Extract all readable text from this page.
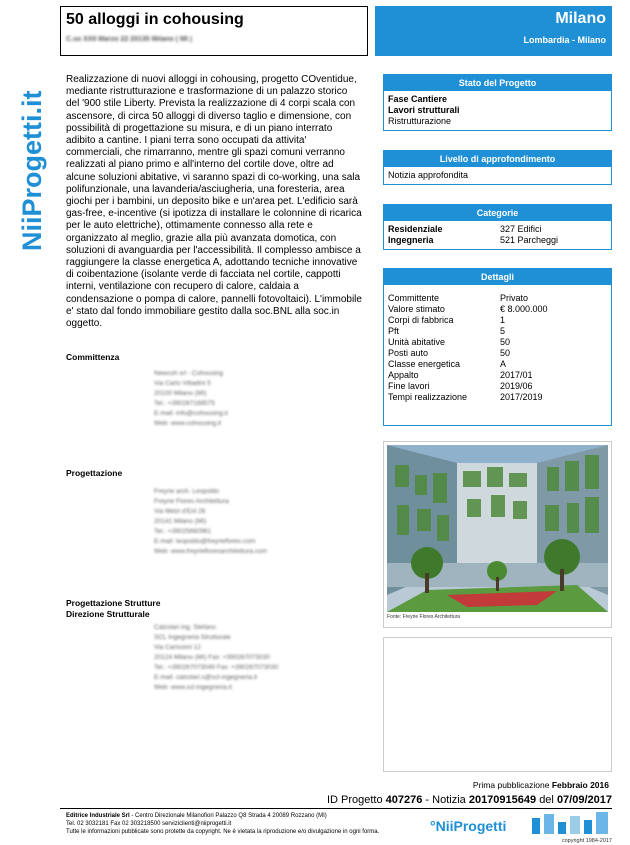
NiiProgetti.it
50 alloggi in cohousing
C.so XXII Marzo 22 20135 Milano ( MI )
Milano
Lombardia - Milano
Realizzazione di nuovi alloggi in cohousing, progetto COventidue, mediante ristrutturazione e trasformazione di un palazzo storico del '900 stile Liberty. Prevista la realizzazione di 4 corpi scala con ascensore, di circa 50 alloggi di diverso taglio e dimensione, con possibilità di progettazione su misura, e di un piano interrato adibito a cantine. I piani terra sono occupati da attivita' commerciali, che rimarranno, mentre gli spazi comuni verranno realizzati al piano primo e all'interno del cortile dove, oltre ad alcune soluzioni abitative, vi saranno spazi di co-working, una sala polifunzionale, una lavanderia/asciugheria, una foresteria, area giochi per i bambini, un deposito bike e un'area pet. L'edificio sarà gas-free, e-incentive (si ipotizza di installare le colonnine di ricarica per le auto elettriche), ottimamente connesso alla rete e organizzato al meglio, grazie alla più avanzata domotica, con soluzioni di avanguardia per l'accessibilità. Il complesso ambisce a raggiungere la classe energetica A, adottando tecniche innovative di coibentazione (isolante verde di facciata nel cortile, cappotti interni, ventilazione con recupero di calore, caldaia a condensazione o pompa di calore, pannelli fotovoltaici). L'immobile e' stato dal fondo immobiliare gestito dalla soc.BNL alla soc.in oggetto.
Committenza
Newcoh srl - Cohousing
Via Carlo Vittadini 5
20100 Milano (MI)
Tel.: +390287168575
E-mail: info@cohousing.it
Web: www.cohousing.it
Progettazione
Freyrie arch. Leopoldo
Freyrie Flores Architettura
Via Melzi d'Eril 26
20141 Milano (MI)
Tel.: +39025660961
E-mail: leopoldo@freyrieflores.com
Web: www.freyriefloresarchitettura.com
Progettazione Strutture
Direzione Strutturale
Calzolari ing. Stefano
SCL Ingegneria Strutturale
Via Carissimi 12
20124 Milano (MI) Fax: +390267073030
Tel.: +390267073049 Fax: +390267073030
E-mail: calzolari.s@scl-ingegneria.it
Web: www.scl-ingegneria.it
Stato del Progetto
Fase Cantiere
Lavori strutturali
Ristrutturazione
Livello di approfondimento
Notizia approfondita
Categorie
Residenziale	327 Edifici
Ingegneria	521 Parcheggi
Dettagli
Committente	Privato
Valore stimato	€ 8.000.000
Corpi di fabbrica	1
Pft	5
Unità abitative	50
Posti auto	50
Classe energetica	A
Appalto	2017/01
Fine lavori	2019/06
Tempi realizzazione	2017/2019
Fonte: Freyrie Flores Architettura
Prima pubblicazione Febbraio 2016
ID Progetto 407276 - Notizia 20170915649 del 07/09/2017
Editrice Industriale Srl - Centro Direzionale Milanofiori Palazzo Q8 Strada 4 20089 Rozzano (MI)
Tel. 02 3032181 Fax 02 303218500 serviziclienti@niiprogetti.it
Tutte le informazioni pubblicate sono protette da copyright. Ne è vietata la riproduzione e/o divulgazione in ogni forma.	°NiiProgetti
copyright 1984-2017
